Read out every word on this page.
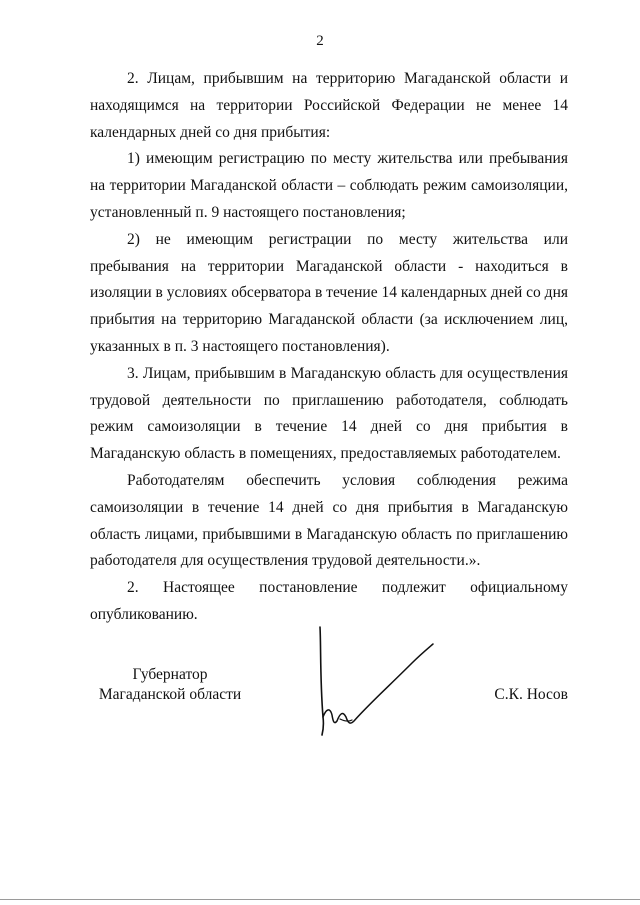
2

2. Лицам, прибывшим на территорию Магаданской области и находящимся на территории Российской Федерации не менее 14 календарных дней со дня прибытия:

1) имеющим регистрацию по месту жительства или пребывания на территории Магаданской области – соблюдать режим самоизоляции, установленный п. 9 настоящего постановления;

2) не имеющим регистрации по месту жительства или пребывания на территории Магаданской области - находиться в изоляции в условиях обсерватора в течение 14 календарных дней со дня прибытия на территорию Магаданской области (за исключением лиц, указанных в п. 3 настоящего постановления).

3. Лицам, прибывшим в Магаданскую область для осуществления трудовой деятельности по приглашению работодателя, соблюдать режим самоизоляции в течение 14 дней со дня прибытия в Магаданскую область в помещениях, предоставляемых работодателем.

Работодателям обеспечить условия соблюдения режима самоизоляции в течение 14 дней со дня прибытия в Магаданскую область лицами, прибывшими в Магаданскую область по приглашению работодателя для осуществления трудовой деятельности.».

2. Настоящее постановление подлежит официальному опубликованию.

Губернатор
Магаданской области	С.К. Носов
